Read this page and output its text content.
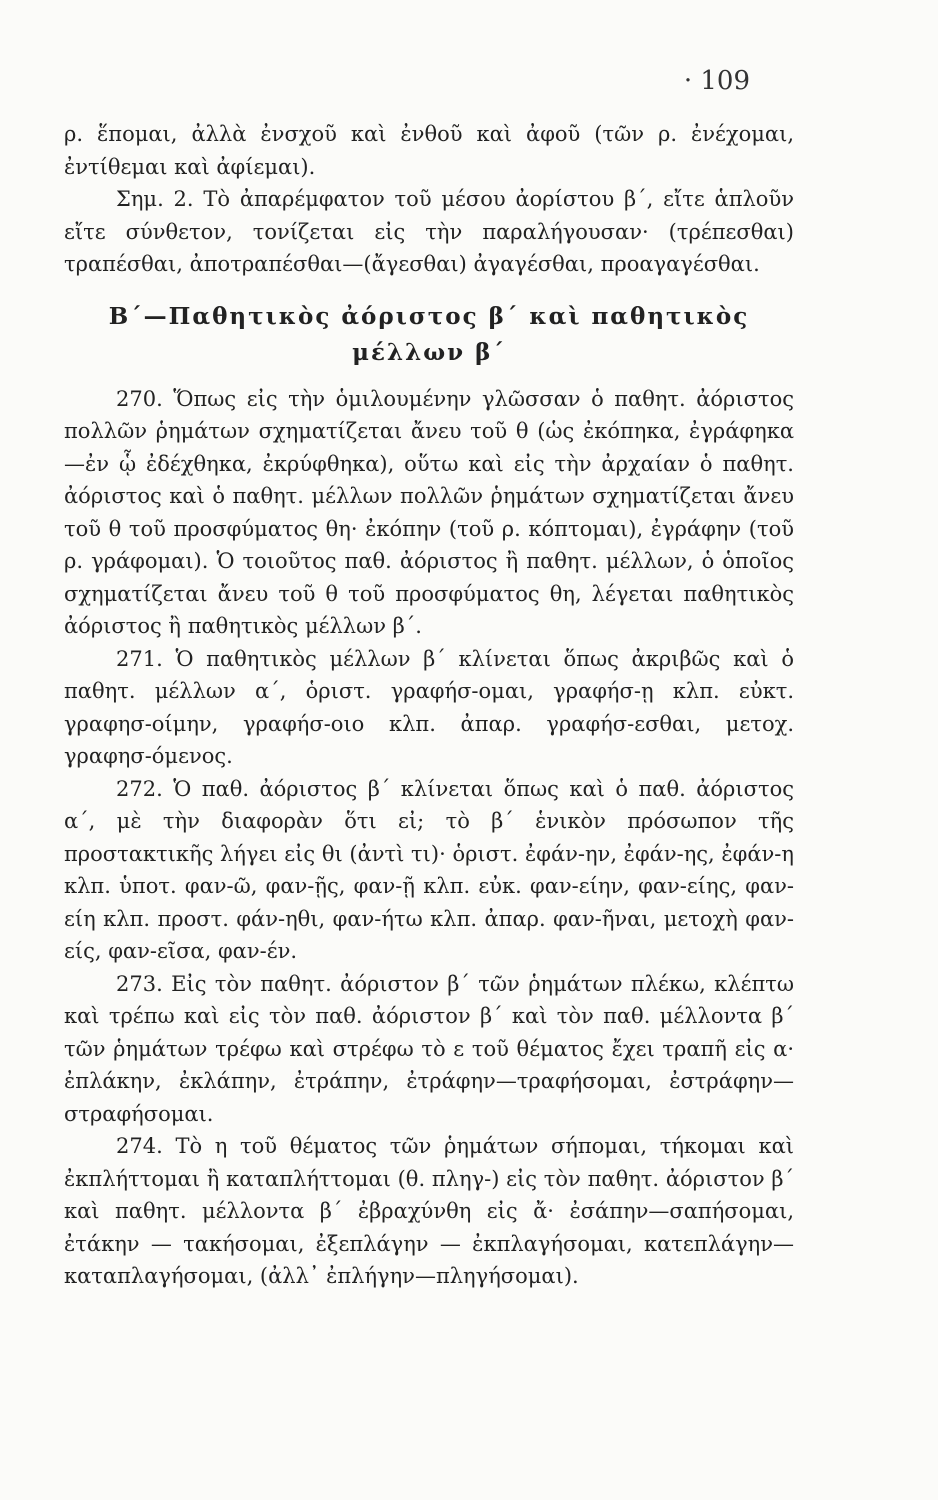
· 109

ρ. ἕπομαι, ἀλλὰ ἐνσχοῦ καὶ ἐνθοῦ καὶ ἀφοῦ (τῶν ρ. ἐνέχομαι, ἐντίθεμαι καὶ ἀφίεμαι).

Σημ. 2. Τὸ ἀπαρέμφατον τοῦ μέσου ἀορίστου β΄, εἴτε ἁπλοῦν εἴτε σύνθετον, τονίζεται εἰς τὴν παραλήγουσαν· (τρέπεσθαι) τραπέσθαι, ἀποτραπέσθαι—(ἄγεσθαι) ἀγαγέσθαι, προαγαγέσθαι.

Β΄—Παθητικὸς ἀόριστος β΄ καὶ παθητικὸς
μέλλων β΄

270. Ὅπως εἰς τὴν ὁμιλουμένην γλῶσσαν ὁ παθητ. ἀόριστος πολλῶν ῥημάτων σχηματίζεται ἄνευ τοῦ θ (ὡς ἐκόπηκα, ἐγράφηκα—ἐν ᾧ ἐδέχθηκα, ἐκρύφθηκα), οὕτω καὶ εἰς τὴν ἀρχαίαν ὁ παθητ. ἀόριστος καὶ ὁ παθητ. μέλλων πολλῶν ῥημάτων σχηματίζεται ἄνευ τοῦ θ τοῦ προσφύματος θη· ἐκόπην (τοῦ ρ. κόπτομαι), ἐγράφην (τοῦ ρ. γράφομαι). Ὁ τοιοῦτος παθ. ἀόριστος ἢ παθητ. μέλλων, ὁ ὁποῖος σχηματίζεται ἄνευ τοῦ θ τοῦ προσφύματος θη, λέγεται παθητικὸς ἀόριστος ἢ παθητικὸς μέλλων β΄.

271. Ὁ παθητικὸς μέλλων β΄ κλίνεται ὅπως ἀκριβῶς καὶ ὁ παθητ. μέλλων α΄, ὁριστ. γραφήσ-ομαι, γραφήσ-ῃ κλπ. εὐκτ. γραφησ-οίμην, γραφήσ-οιο κλπ. ἀπαρ. γραφήσ-εσθαι, μετοχ. γραφησ-όμενος.

272. Ὁ παθ. ἀόριστος β΄ κλίνεται ὅπως καὶ ὁ παθ. ἀόριστος α΄, μὲ τὴν διαφορὰν ὅτι εἰ; τὸ β΄ ἑνικὸν πρόσωπον τῆς προστακτικῆς λήγει εἰς θι (ἀντὶ τι)· ὁριστ. ἐφάν-ην, ἐφάν-ης, ἐφάν-η κλπ. ὑποτ. φαν-ῶ, φαν-ῇς, φαν-ῇ κλπ. εὐκ. φαν-είην, φαν-είης, φαν-είη κλπ. προστ. φάν-ηθι, φαν-ήτω κλπ. ἀπαρ. φαν-ῆναι, μετοχὴ φαν-είς, φαν-εῖσα, φαν-έν.

273. Εἰς τὸν παθητ. ἀόριστον β΄ τῶν ῥημάτων πλέκω, κλέπτω καὶ τρέπω καὶ εἰς τὸν παθ. ἀόριστον β΄ καὶ τὸν παθ. μέλλοντα β΄ τῶν ῥημάτων τρέφω καὶ στρέφω τὸ ε τοῦ θέματος ἔχει τραπῆ εἰς α· ἐπλάκην, ἐκλάπην, ἐτράπην, ἐτράφην—τραφήσομαι, ἐστράφην—στραφήσομαι.

274. Τὸ η τοῦ θέματος τῶν ῥημάτων σήπομαι, τήκομαι καὶ ἐκπλήττομαι ἢ καταπλήττομαι (θ. πληγ-) εἰς τὸν παθητ. ἀόριστον β΄ καὶ παθητ. μέλλοντα β΄ ἐβραχύνθη εἰς ἄ· ἐσάπην—σαπήσομαι, ἐτάκην — τακήσομαι, ἐξεπλάγην — ἐκπλαγήσομαι, κατεπλάγην—καταπλαγήσομαι, (ἀλλ᾽ ἐπλήγην—πληγήσομαι).
